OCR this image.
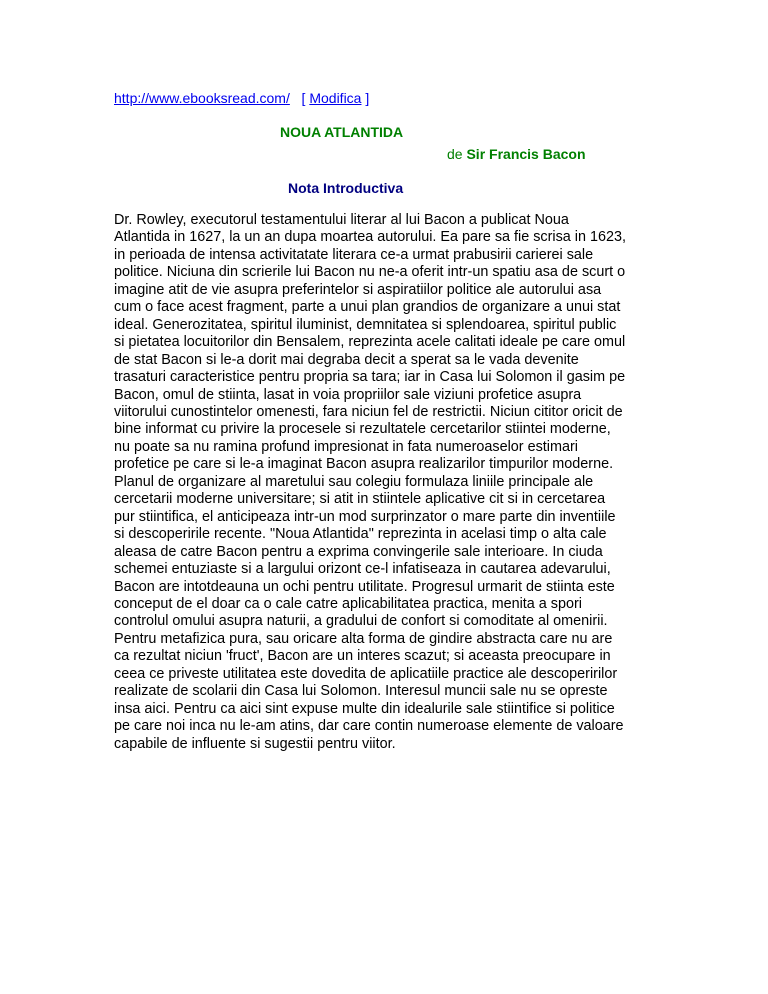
http://www.ebooksread.com/ [ Modifica ]
NOUA ATLANTIDA
de Sir Francis Bacon
Nota Introductiva
Dr. Rowley, executorul testamentului literar al lui Bacon a publicat Noua
Atlantida in 1627, la un an dupa moartea autorului. Ea pare sa fie scrisa in 1623,
in perioada de intensa activitatate literara ce-a urmat prabusirii carierei sale
politice. Niciuna din scrierile lui Bacon nu ne-a oferit intr-un spatiu asa de scurt o
imagine atit de vie asupra preferintelor si aspiratiilor politice ale autorului asa
cum o face acest fragment, parte a unui plan grandios de organizare a unui stat
ideal. Generozitatea, spiritul iluminist, demnitatea si splendoarea, spiritul public
si pietatea locuitorilor din Bensalem, reprezinta acele calitati ideale pe care omul
de stat Bacon si le-a dorit mai degraba decit a sperat sa le vada devenite
trasaturi caracteristice pentru propria sa tara; iar in Casa lui Solomon il gasim pe
Bacon, omul de stiinta, lasat in voia propriilor sale viziuni profetice asupra
viitorului cunostintelor omenesti, fara niciun fel de restrictii. Niciun cititor oricit de
bine informat cu privire la procesele si rezultatele cercetarilor stiintei moderne,
nu poate sa nu ramina profund impresionat in fata numeroaselor estimari
profetice pe care si le-a imaginat Bacon asupra realizarilor timpurilor moderne.
Planul de organizare al maretului sau colegiu formulaza liniile principale ale
cercetarii moderne universitare; si atit in stiintele aplicative cit si in cercetarea
pur stiintifica, el anticipeaza intr-un mod surprinzator o mare parte din inventiile
si descoperirile recente. "Noua Atlantida" reprezinta in acelasi timp o alta cale
aleasa de catre Bacon pentru a exprima convingerile sale interioare. In ciuda
schemei entuziaste si a largului orizont ce-l infatiseaza in cautarea adevarului,
Bacon are intotdeauna un ochi pentru utilitate. Progresul urmarit de stiinta este
conceput de el doar ca o cale catre aplicabilitatea practica, menita a spori
controlul omului asupra naturii, a gradului de confort si comoditate al omenirii.
Pentru metafizica pura, sau oricare alta forma de gindire abstracta care nu are
ca rezultat niciun 'fruct', Bacon are un interes scazut; si aceasta preocupare in
ceea ce priveste utilitatea este dovedita de aplicatiile practice ale descoperirilor
realizate de scolarii din Casa lui Solomon. Interesul muncii sale nu se opreste
insa aici. Pentru ca aici sint expuse multe din idealurile sale stiintifice si politice
pe care noi inca nu le-am atins, dar care contin numeroase elemente de valoare
capabile de influente si sugestii pentru viitor.
